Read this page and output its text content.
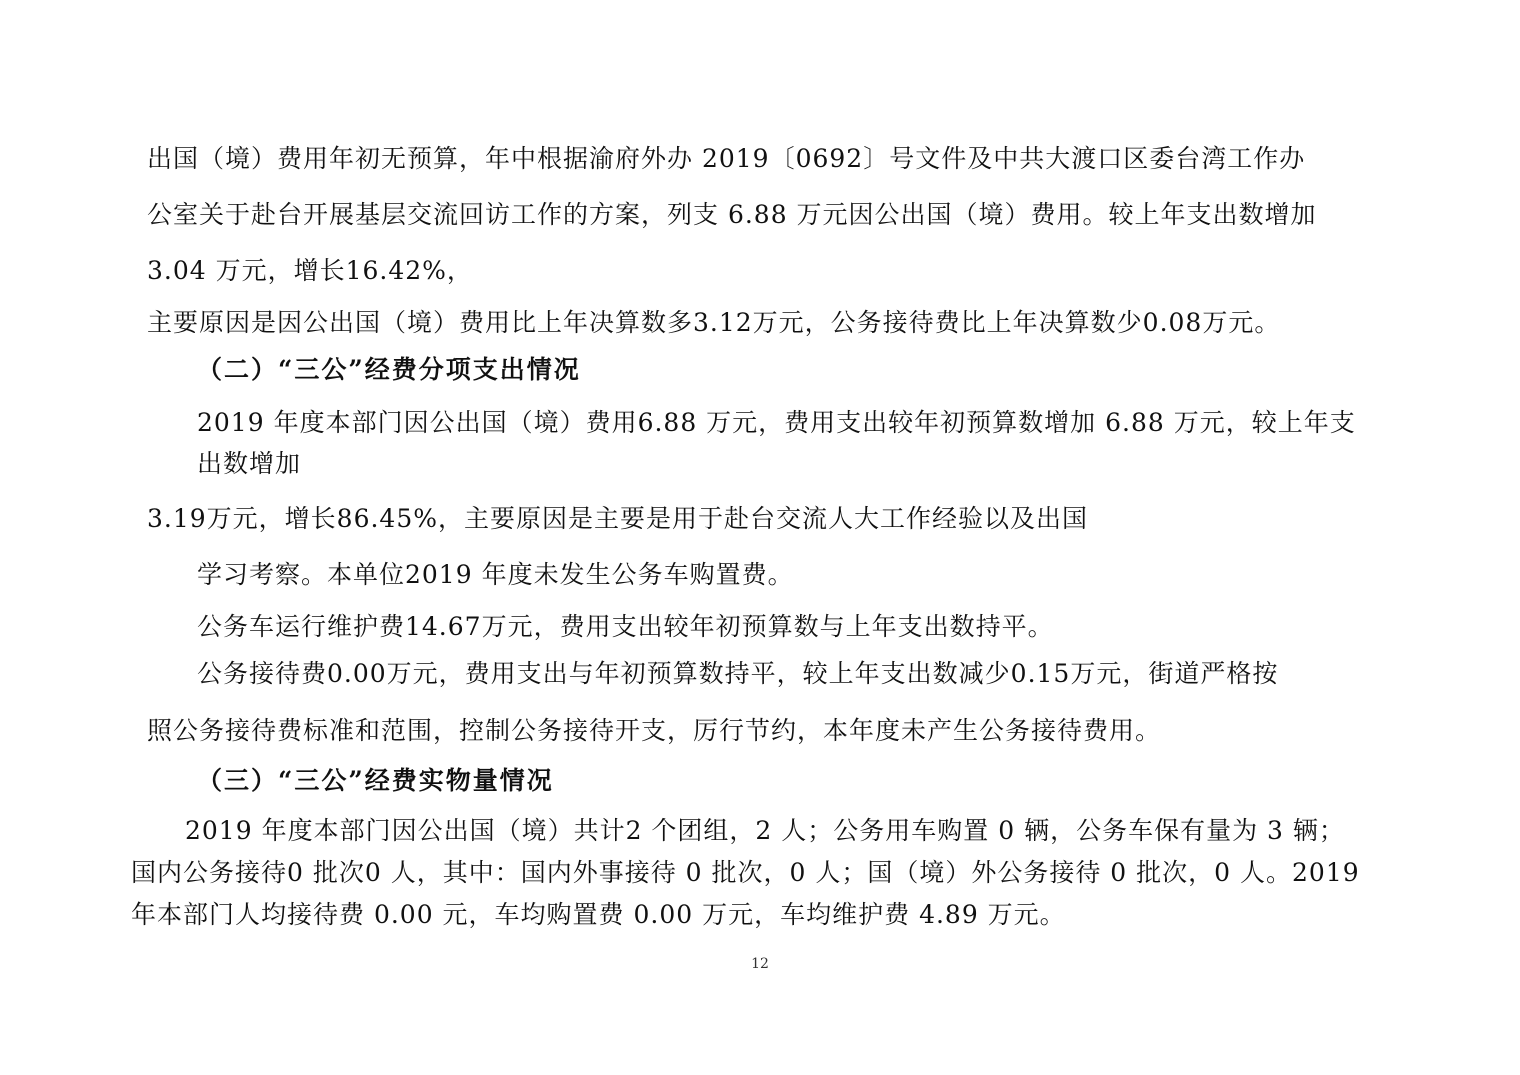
出国（境）费用年初无预算，年中根据渝府外办 2019〔0692〕号文件及中共大渡口区委台湾工作办
公室关于赴台开展基层交流回访工作的方案，列支 6.88 万元因公出国（境）费用。较上年支出数增加
3.04 万元，增长16.42%，
主要原因是因公出国（境）费用比上年决算数多3.12万元，公务接待费比上年决算数少0.08万元。
（二）“三公”经费分项支出情况
2019 年度本部门因公出国（境）费用6.88 万元，费用支出较年初预算数增加 6.88 万元，较上年支
出数增加
3.19万元，增长86.45%，主要原因是主要是用于赴台交流人大工作经验以及出国
学习考察。本单位2019 年度未发生公务车购置费。
公务车运行维护费14.67万元，费用支出较年初预算数与上年支出数持平。
公务接待费0.00万元，费用支出与年初预算数持平，较上年支出数减少0.15万元，街道严格按
照公务接待费标准和范围，控制公务接待开支，厉行节约，本年度未产生公务接待费用。
（三）“三公”经费实物量情况
2019 年度本部门因公出国（境）共计2 个团组，2 人；公务用车购置 0 辆，公务车保有量为 3 辆；
国内公务接待0 批次0 人，其中：国内外事接待 0 批次，0 人；国（境）外公务接待 0 批次，0 人。2019
年本部门人均接待费 0.00 元，车均购置费 0.00 万元，车均维护费 4.89 万元。
12
